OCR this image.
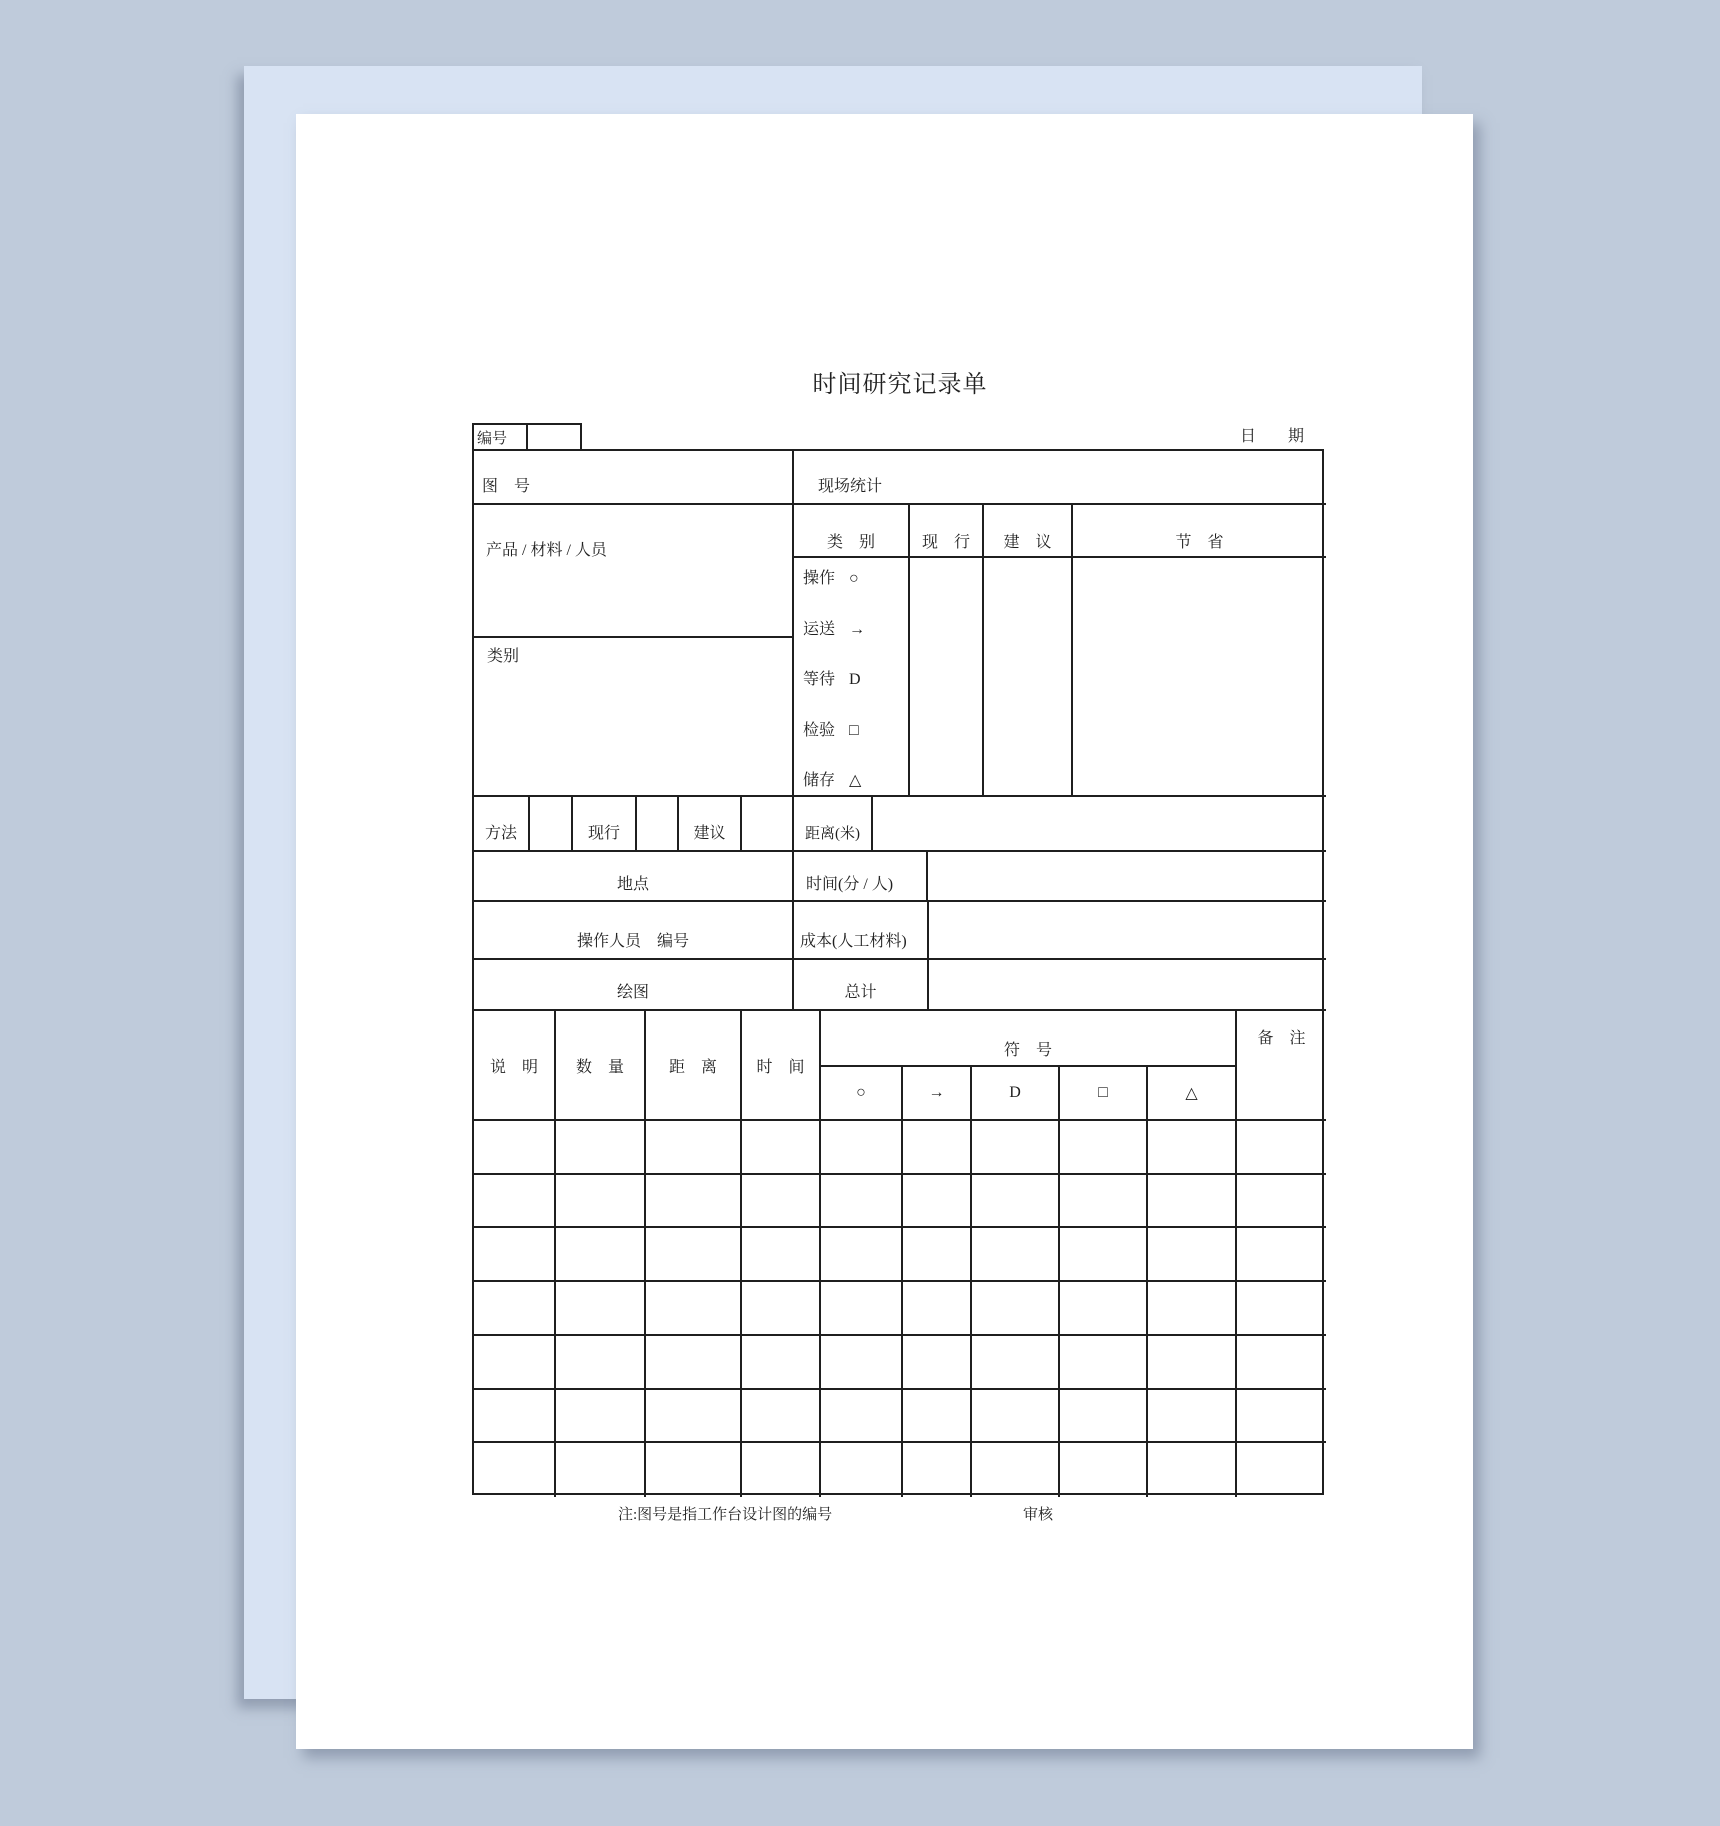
时间研究记录单
编号	日　　期
图　号	现场统计
产品 / 材料 / 人员	类　别	现　行	建　议	节　省
类别
操作 ○
运送 →
等待 D
检验 □
储存 △
方法	现行	建议	距离(米)
地点	时间(分 / 人)
操作人员　编号	成本(人工材料)
绘图	总计
说　明	数　量	距　离	时　间
符　号
○	→	D	□	△
备　注
注:图号是指工作台设计图的编号	审核
